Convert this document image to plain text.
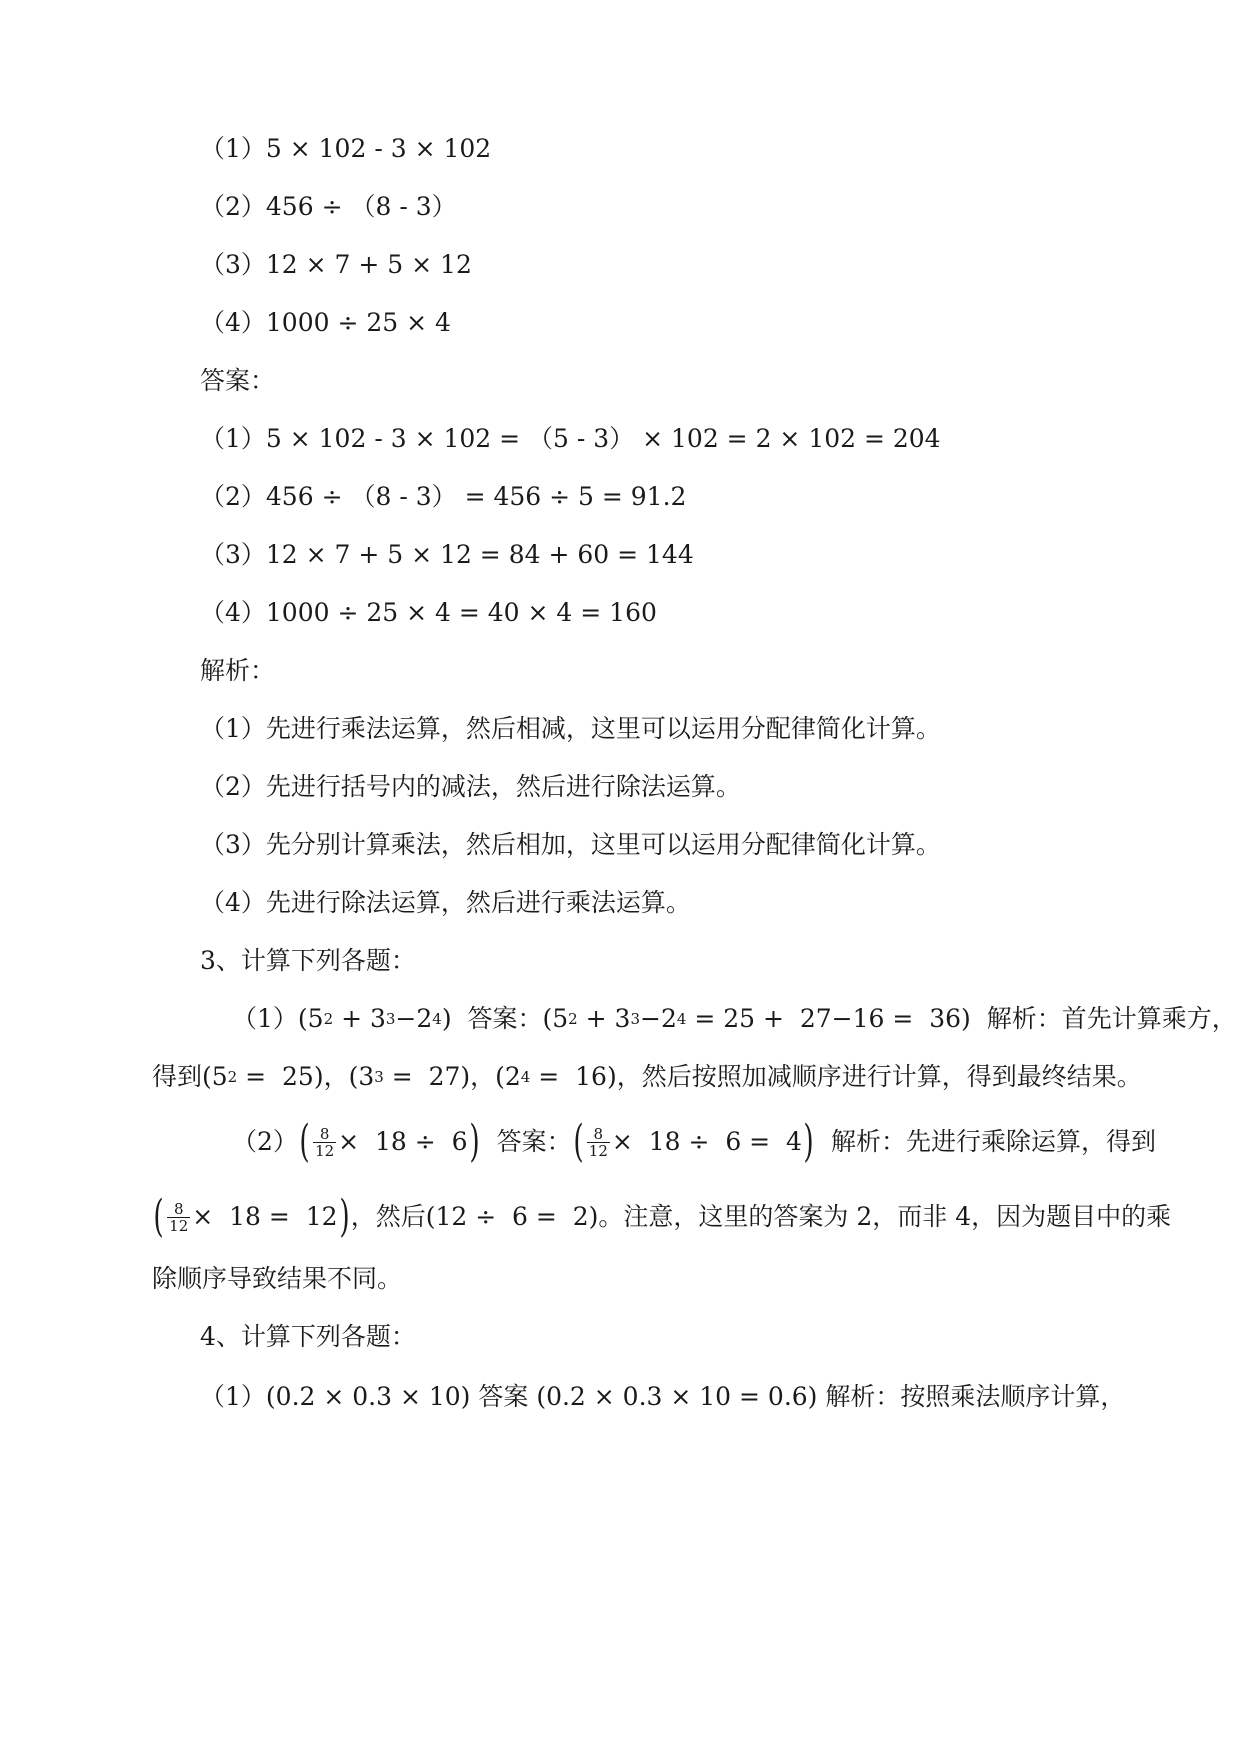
（1）5 × 102 - 3 × 102
（2）456 ÷ （8 - 3）
（3）12 × 7 + 5 × 12
（4）1000 ÷ 25 × 4
答案：
（1）5 × 102 - 3 × 102 = （5 - 3） × 102 = 2 × 102 = 204
（2）456 ÷ （8 - 3） = 456 ÷ 5 = 91.2
（3）12 × 7 + 5 × 12 = 84 + 60 = 144
（4）1000 ÷ 25 × 4 = 40 × 4 = 160
解析：
（1）先进行乘法运算，然后相减，这里可以运用分配律简化计算。
（2）先进行括号内的减法，然后进行除法运算。
（3）先分别计算乘法，然后相加，这里可以运用分配律简化计算。
（4）先进行除法运算，然后进行乘法运算。
3、计算下列各题：
（1） (5 2 + 3 3 −2 4 ) 答案： (5 2 + 3 3 −2 4 = 25 +  27−16 =  36) 解析：首先计算乘方，
得到(5 2 =  25)，(3 3 =  27)，(2 4 =  16)，然后按照加减顺序进行计算，得到最终结果。
（2） ( $\frac{8}{12} \times 18 \div 6$ ) 答案： ( $\frac{8}{12} \times 18 \div 6 = 4$ ) 解析：先进行乘除运算，得到
( $\frac{8}{12} \times 18 = 12$ ) ，然后(12 ÷  6 =  2)。注意，这里的答案为 2，而非 4，因为题目中的乘
除顺序导致结果不同。
4、计算下列各题：
（1）(0.2 × 0.3 × 10) 答案 (0.2 × 0.3 × 10 = 0.6) 解析：按照乘法顺序计算，
